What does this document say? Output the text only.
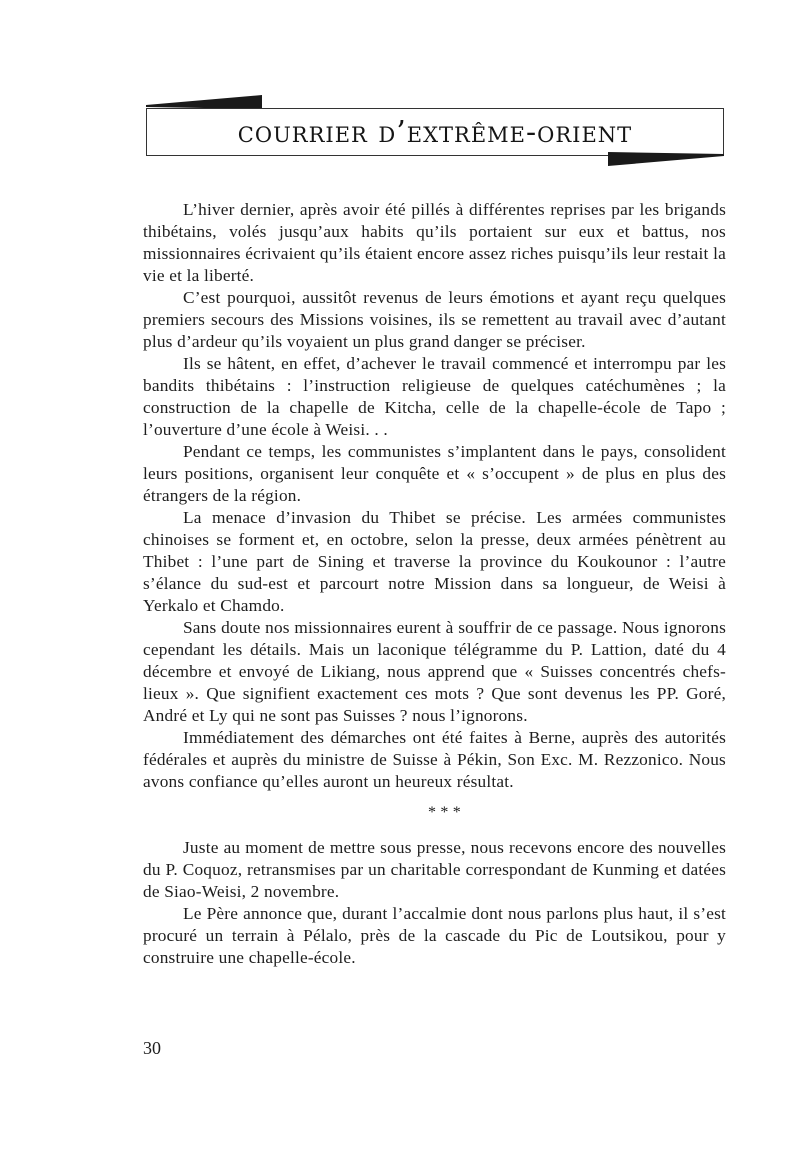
courrier d’extrême-orient

L’hiver dernier, après avoir été pillés à différentes reprises par les brigands thibétains, volés jusqu’aux habits qu’ils portaient sur eux et battus, nos missionnaires écrivaient qu’ils étaient encore assez riches puisqu’ils leur restait la vie et la liberté.

C’est pourquoi, aussitôt revenus de leurs émotions et ayant reçu quelques premiers secours des Missions voisines, ils se remettent au travail avec d’autant plus d’ardeur qu’ils voyaient un plus grand danger se préciser.

Ils se hâtent, en effet, d’achever le travail commencé et interrompu par les bandits thibétains : l’instruction religieuse de quelques catéchumènes ; la construction de la chapelle de Kitcha, celle de la chapelle-école de Tapo ; l’ouverture d’une école à Weisi. . .

Pendant ce temps, les communistes s’implantent dans le pays, consolident leurs positions, organisent leur conquête et « s’occupent » de plus en plus des étrangers de la région.

La menace d’invasion du Thibet se précise. Les armées communistes chinoises se forment et, en octobre, selon la presse, deux armées pénètrent au Thibet : l’une part de Sining et traverse la province du Koukounor : l’autre s’élance du sud-est et parcourt notre Mission dans sa longueur, de Weisi à Yerkalo et Chamdo.

Sans doute nos missionnaires eurent à souffrir de ce passage. Nous ignorons cependant les détails. Mais un laconique télégramme du P. Lattion, daté du 4 décembre et envoyé de Likiang, nous apprend que « Suisses concentrés chefs-lieux ». Que signifient exactement ces mots ? Que sont devenus les PP. Goré, André et Ly qui ne sont pas Suisses ? nous l’ignorons.

Immédiatement des démarches ont été faites à Berne, auprès des autorités fédérales et auprès du ministre de Suisse à Pékin, Son Exc. M. Rezzonico. Nous avons confiance qu’elles auront un heureux résultat.

* * *

Juste au moment de mettre sous presse, nous recevons encore des nouvelles du P. Coquoz, retransmises par un charitable correspondant de Kunming et datées de Siao-Weisi, 2 novembre.

Le Père annonce que, durant l’accalmie dont nous parlons plus haut, il s’est procuré un terrain à Pélalo, près de la cascade du Pic de Loutsikou, pour y construire une chapelle-école.

30
